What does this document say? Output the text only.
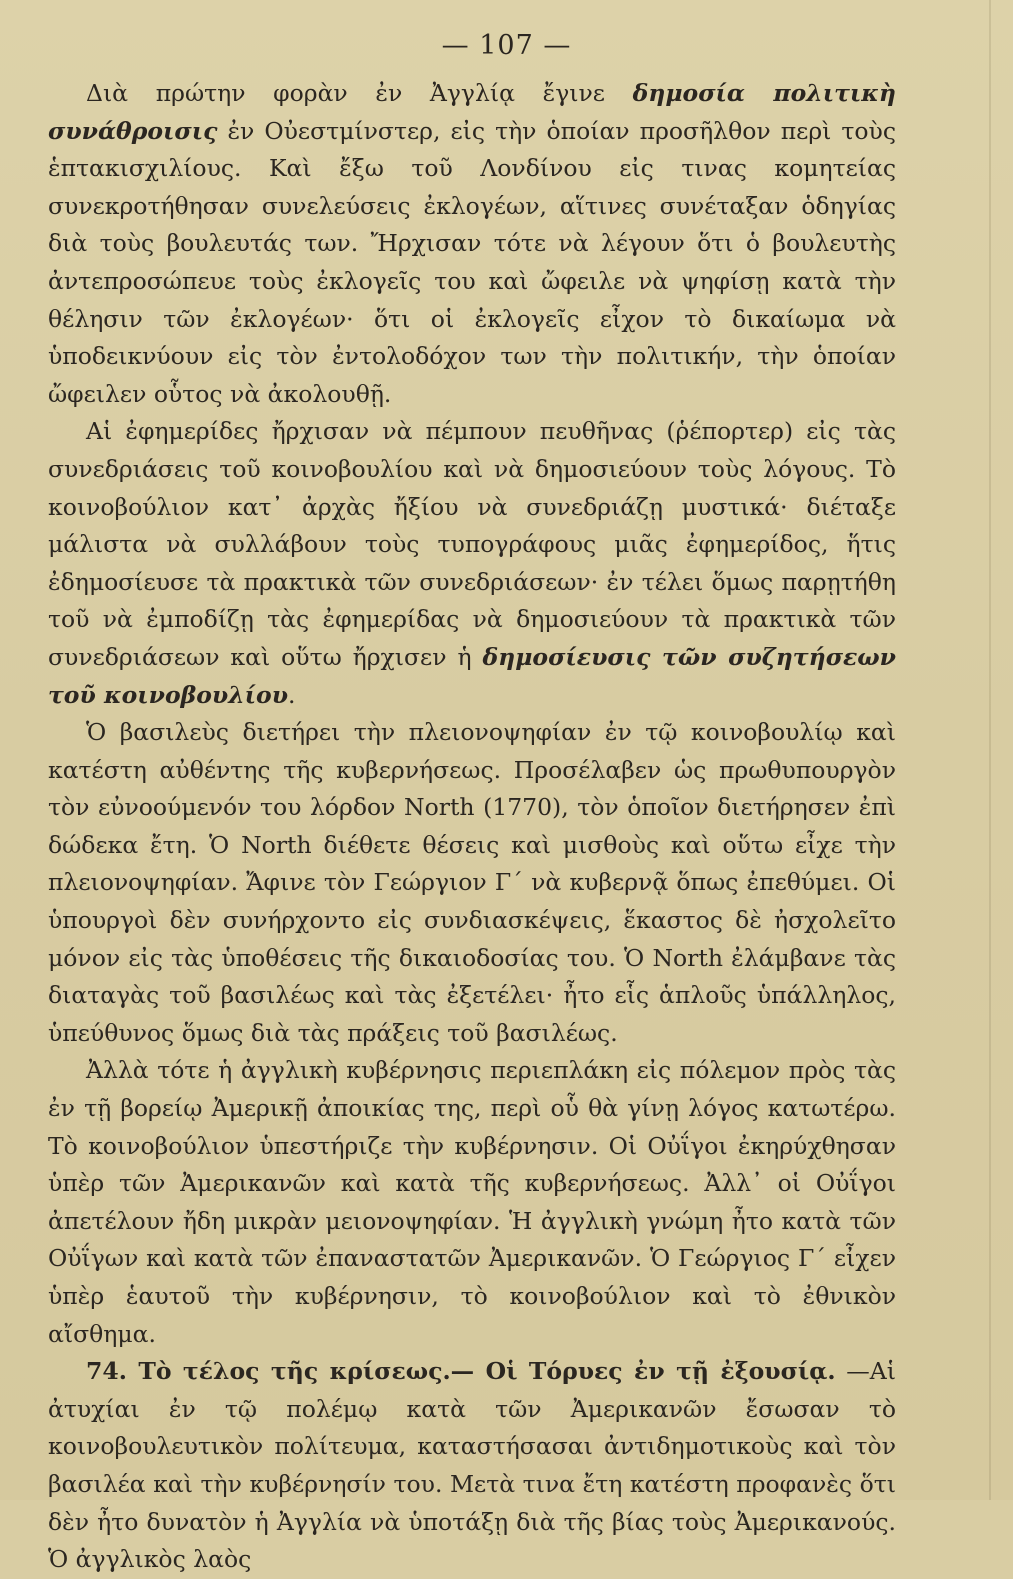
— 107 —

Διὰ πρώτην φορὰν ἐν Ἀγγλίᾳ ἔγινε δημοσία πολιτικὴ συνάθροισις ἐν Οὐεστμίνστερ, εἰς τὴν ὁποίαν προσῆλθον περὶ τοὺς ἑπτακισχιλίους. Καὶ ἔξω τοῦ Λονδίνου εἰς τινας κομητείας συνεκροτήθησαν συνελεύσεις ἐκλογέων, αἵτινες συνέταξαν ὁδηγίας διὰ τοὺς βουλευτάς των. Ἤρχισαν τότε νὰ λέγουν ὅτι ὁ βουλευτὴς ἀντεπροσώπευε τοὺς ἐκλογεῖς του καὶ ὤφειλε νὰ ψηφίσῃ κατὰ τὴν θέλησιν τῶν ἐκλογέων· ὅτι οἱ ἐκλογεῖς εἶχον τὸ δικαίωμα νὰ ὑποδεικνύουν εἰς τὸν ἐντολοδόχον των τὴν πολιτικήν, τὴν ὁποίαν ὤφειλεν οὗτος νὰ ἀκολουθῇ.

Αἱ ἐφημερίδες ἤρχισαν νὰ πέμπουν πευθῆνας (ῥέπορτερ) εἰς τὰς συνεδριάσεις τοῦ κοινοβουλίου καὶ νὰ δημοσιεύουν τοὺς λόγους. Τὸ κοινοβούλιον κατ᾽ ἀρχὰς ἤξίου νὰ συνεδριάζῃ μυστικά· διέταξε μάλιστα νὰ συλλάβουν τοὺς τυπογράφους μιᾶς ἐφημερίδος, ἥτις ἐδημοσίευσε τὰ πρακτικὰ τῶν συνεδριάσεων· ἐν τέλει ὅμως παρῃτήθη τοῦ νὰ ἐμποδίζῃ τὰς ἐφημερίδας νὰ δημοσιεύουν τὰ πρακτικὰ τῶν συνεδριάσεων καὶ οὕτω ἤρχισεν ἡ δημοσίευσις τῶν συζητήσεων τοῦ κοινοβουλίου.

Ὁ βασιλεὺς διετήρει τὴν πλειονοψηφίαν ἐν τῷ κοινοβουλίῳ καὶ κατέστη αὐθέντης τῆς κυβερνήσεως. Προσέλαβεν ὡς πρωθυπουργὸν τὸν εὐνοούμενόν του λόρδον North (1770), τὸν ὁποῖον διετήρησεν ἐπὶ δώδεκα ἔτη. Ὁ North διέθετε θέσεις καὶ μισθοὺς καὶ οὕτω εἶχε τὴν πλειονοψηφίαν. Ἄφινε τὸν Γεώργιον Γ´ νὰ κυβερνᾷ ὅπως ἐπεθύμει. Οἱ ὑπουργοὶ δὲν συνήρχοντο εἰς συνδιασκέψεις, ἕκαστος δὲ ἠσχολεῖτο μόνον εἰς τὰς ὑποθέσεις τῆς δικαιοδοσίας του. Ὁ North ἐλάμβανε τὰς διαταγὰς τοῦ βασιλέως καὶ τὰς ἐξετέλει· ἦτο εἷς ἁπλοῦς ὑπάλληλος, ὑπεύθυνος ὅμως διὰ τὰς πράξεις τοῦ βασιλέως.

Ἀλλὰ τότε ἡ ἀγγλικὴ κυβέρνησις περιεπλάκη εἰς πόλεμον πρὸς τὰς ἐν τῇ βορείῳ Ἀμερικῇ ἀποικίας της, περὶ οὗ θὰ γίνῃ λόγος κατωτέρω. Τὸ κοινοβούλιον ὑπεστήριζε τὴν κυβέρνησιν. Οἱ Οὐΐγοι ἐκηρύχθησαν ὑπὲρ τῶν Ἀμερικανῶν καὶ κατὰ τῆς κυβερνήσεως. Ἀλλ᾽ οἱ Οὐΐγοι ἀπετέλουν ἤδη μικρὰν μειονοψηφίαν. Ἡ ἀγγλικὴ γνώμη ἦτο κατὰ τῶν Οὐΐγων καὶ κατὰ τῶν ἐπαναστατῶν Ἀμερικανῶν. Ὁ Γεώργιος Γ´ εἶχεν ὑπὲρ ἑαυτοῦ τὴν κυβέρνησιν, τὸ κοινοβούλιον καὶ τὸ ἐθνικὸν αἴσθημα.

74. Τὸ τέλος τῆς κρίσεως.— Οἱ Τόρυες ἐν τῇ ἐξουσίᾳ. —Αἱ ἀτυχίαι ἐν τῷ πολέμῳ κατὰ τῶν Ἀμερικανῶν ἔσωσαν τὸ κοινοβουλευτικὸν πολίτευμα, καταστήσασαι ἀντιδημοτικοὺς καὶ τὸν βασιλέα καὶ τὴν κυβέρνησίν του. Μετὰ τινα ἔτη κατέστη προφανὲς ὅτι δὲν ἦτο δυνατὸν ἡ Ἀγγλία νὰ ὑποτάξῃ διὰ τῆς βίας τοὺς Ἀμερικανούς. Ὁ ἀγγλικὸς λαὸς
